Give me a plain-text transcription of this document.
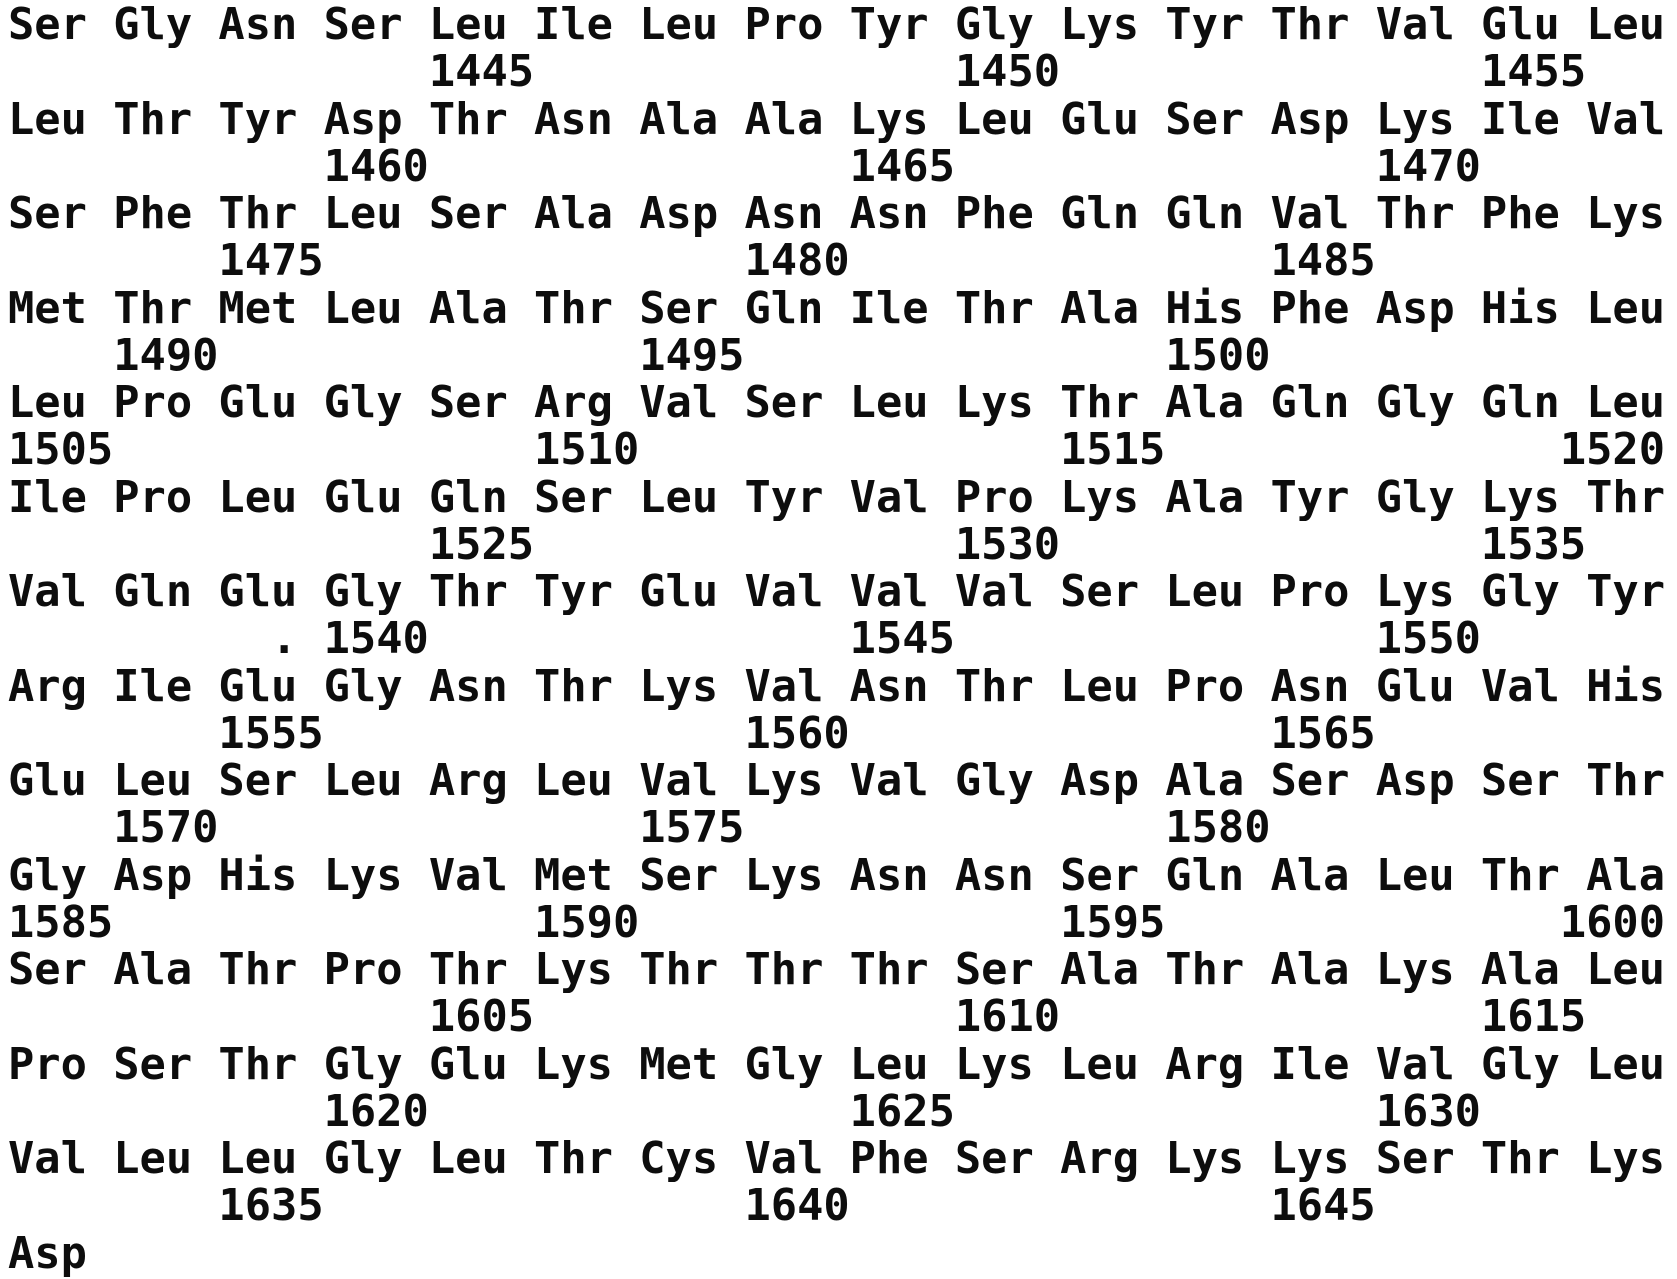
Ser Gly Asn Ser Leu Ile Leu Pro Tyr Gly Lys Tyr Thr Val Glu Leu
1445                1450                1455
Leu Thr Tyr Asp Thr Asn Ala Ala Lys Leu Glu Ser Asp Lys Ile Val
1460                1465                1470
Ser Phe Thr Leu Ser Ala Asp Asn Asn Phe Gln Gln Val Thr Phe Lys
1475                1480                1485
Met Thr Met Leu Ala Thr Ser Gln Ile Thr Ala His Phe Asp His Leu
1490                1495                1500
Leu Pro Glu Gly Ser Arg Val Ser Leu Lys Thr Ala Gln Gly Gln Leu
1505                1510                1515               1520
Ile Pro Leu Glu Gln Ser Leu Tyr Val Pro Lys Ala Tyr Gly Lys Thr
1525                1530                1535
Val Gln Glu Gly Thr Tyr Glu Val Val Val Ser Leu Pro Lys Gly Tyr
. 1540                1545                1550
Arg Ile Glu Gly Asn Thr Lys Val Asn Thr Leu Pro Asn Glu Val His
1555                1560                1565
Glu Leu Ser Leu Arg Leu Val Lys Val Gly Asp Ala Ser Asp Ser Thr
1570                1575                1580
Gly Asp His Lys Val Met Ser Lys Asn Asn Ser Gln Ala Leu Thr Ala
1585                1590                1595               1600
Ser Ala Thr Pro Thr Lys Thr Thr Thr Ser Ala Thr Ala Lys Ala Leu
1605                1610                1615
Pro Ser Thr Gly Glu Lys Met Gly Leu Lys Leu Arg Ile Val Gly Leu
1620                1625                1630
Val Leu Leu Gly Leu Thr Cys Val Phe Ser Arg Lys Lys Ser Thr Lys
1635                1640                1645
Asp
